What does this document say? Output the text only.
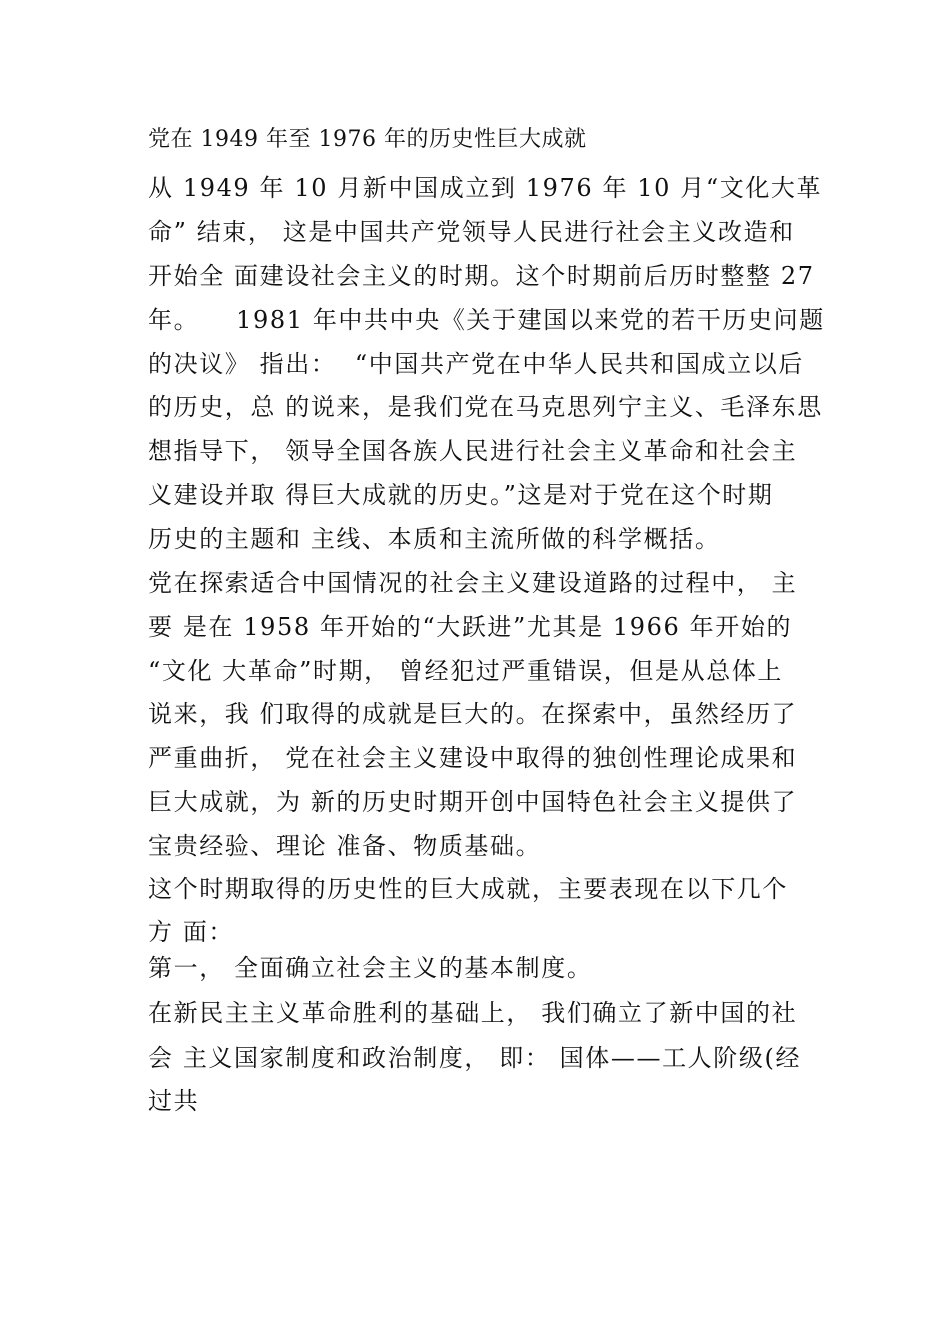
党在 1949 年至 1976 年的历史性巨大成就
从 1949 年 10 月新中国成立到 1976 年 10 月“文化大革
命” 结束， 这是中国共产党领导人民进行社会主义改造和
开始全 面建设社会主义的时期。这个时期前后历时整整 27
年。    1981 年中共中央《关于建国以来党的若干历史问题
的决议》 指出：  “中国共产党在中华人民共和国成立以后
的历史，总 的说来，是我们党在马克思列宁主义、毛泽东思
想指导下， 领导全国各族人民进行社会主义革命和社会主
义建设并取 得巨大成就的历史。”这是对于党在这个时期
历史的主题和 主线、本质和主流所做的科学概括。
党在探索适合中国情况的社会主义建设道路的过程中， 主
要 是在 1958 年开始的“大跃进”尤其是 1966 年开始的
“文化 大革命”时期， 曾经犯过严重错误，但是从总体上
说来，我 们取得的成就是巨大的。在探索中，虽然经历了
严重曲折， 党在社会主义建设中取得的独创性理论成果和
巨大成就，为 新的历史时期开创中国特色社会主义提供了
宝贵经验、理论 准备、物质基础。
这个时期取得的历史性的巨大成就，主要表现在以下几个
方 面：
第一， 全面确立社会主义的基本制度。
在新民主主义革命胜利的基础上， 我们确立了新中国的社
会 主义国家制度和政治制度， 即： 国体——工人阶级(经
过共
